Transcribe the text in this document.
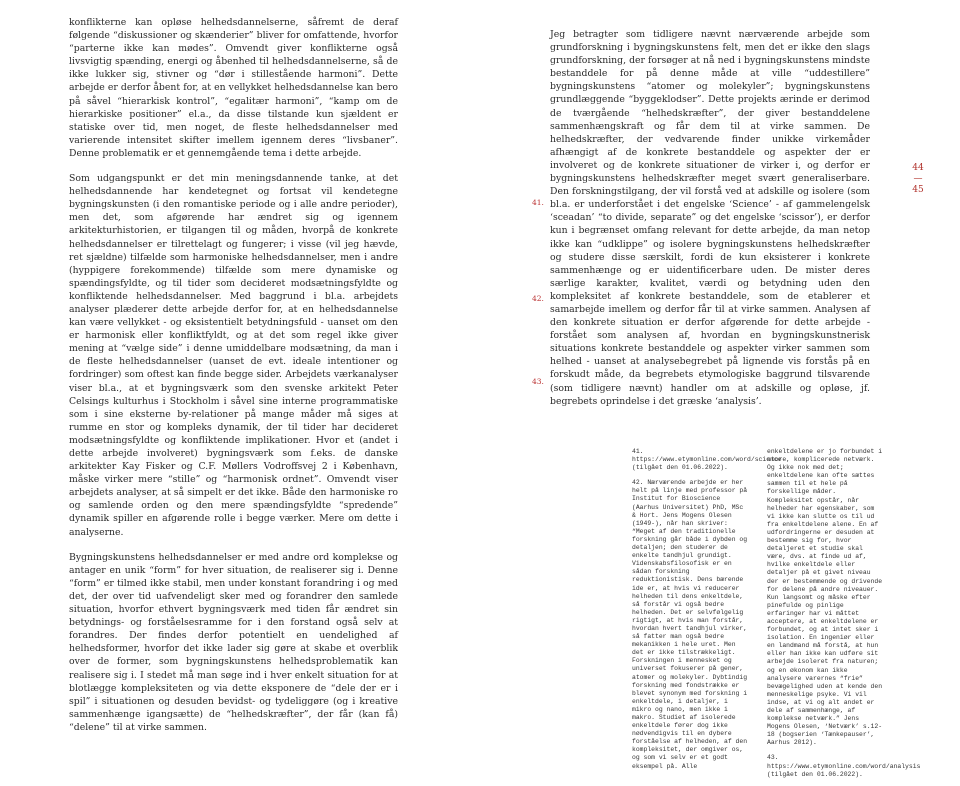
konflikterne kan opløse helhedsdannelserne, såfremt de deraf følgende “diskussioner og skænderier” bliver for omfattende, hvorfor “parterne ikke kan mødes”. Omvendt giver konflikterne også livsvigtig spænding, energi og åbenhed til helhedsdannelserne, så de ikke lukker sig, stivner og “dør i stillestående harmoni”. Dette arbejde er derfor åbent for, at en vellykket helhedsdannelse kan bero på såvel “hierarkisk kontrol”, “egalitær harmoni”, “kamp om de hierarkiske positioner” el.a., da disse tilstande kun sjældent er statiske over tid, men noget, de fleste helhedsdannelser med varierende intensitet skifter imellem igennem deres “livsbaner”. Denne problematik er et gennemgående tema i dette arbejde.

Som udgangspunkt er det min meningsdannende tanke, at det helhedsdannende har kendetegnet og fortsat vil kendetegne bygningskunsten (i den romantiske periode og i alle andre perioder), men det, som afgørende har ændret sig og igennem arkitekturhistorien, er tilgangen til og måden, hvorpå de konkrete helhedsdannelser er tilrettelagt og fungerer; i visse (vil jeg hævde, ret sjældne) tilfælde som harmoniske helhedsdannelser, men i andre (hyppigere forekommende) tilfælde som mere dynamiske og spændingsfyldte, og til tider som decideret modsætningsfyldte og konfliktende helhedsdannelser. Med baggrund i bl.a. arbejdets analyser plæderer dette arbejde derfor for, at en helhedsdannelse kan være vellykket - og eksistentielt betydningsfuld - uanset om den er harmonisk eller konfliktfyldt, og at det som regel ikke giver mening at “vælge side” i denne umiddelbare modsætning, da man i de fleste helhedsdannelser (uanset de evt. ideale intentioner og fordringer) som oftest kan finde begge sider. Arbejdets værkanalyser viser bl.a., at et bygningsværk som den svenske arkitekt Peter Celsings kulturhus i Stockholm i såvel sine interne programmatiske som i sine eksterne by-relationer på mange måder må siges at rumme en stor og kompleks dynamik, der til tider har decideret modsætningsfyldte og konfliktende implikationer. Hvor et (andet i dette arbejde involveret) bygningsværk som f.eks. de danske arkitekter Kay Fisker og C.F. Møllers Vodroffsvej 2 i København, måske virker mere “stille” og “harmonisk ordnet”. Omvendt viser arbejdets analyser, at så simpelt er det ikke. Både den harmoniske ro og samlende orden og den mere spændingsfyldte “spredende” dynamik spiller en afgørende rolle i begge værker. Mere om dette i analyserne.

Bygningskunstens helhedsdannelser er med andre ord komplekse og antager en unik “form” for hver situation, de realiserer sig i. Denne “form” er tilmed ikke stabil, men under konstant forandring i og med det, der over tid uafvendeligt sker med og forandrer den samlede situation, hvorfor ethvert bygningsværk med tiden får ændret sin betydnings- og forståelsesramme for i den forstand også selv at forandres. Der findes derfor potentielt en uendelighed af helhedsformer, hvorfor det ikke lader sig gøre at skabe et overblik over de former, som bygningskunstens helhedsproblematik kan realisere sig i. I stedet må man søge ind i hver enkelt situation for at blotlægge kompleksiteten og via dette eksponere de “dele der er i spil” i situationen og desuden bevidst- og tydeliggøre (og i kreative sammenhænge igangsætte) de “helhedskræfter”, der får (kan få) “delene” til at virke sammen.

41.
42.
43.

Jeg betragter som tidligere nævnt nærværende arbejde som grundforskning i bygningskunstens felt, men det er ikke den slags grundforskning, der forsøger at nå ned i bygningskunstens mindste bestanddele for på denne måde at ville “uddestillere” bygningskunstens “atomer og molekyler”; bygningskunstens grundlæggende “byggeklodser”. Dette projekts ærinde er derimod de tværgående “helhedskræfter”, der giver bestanddelene sammenhængskraft og får dem til at virke sammen. De helhedskræfter, der vedvarende finder unikke virkemåder afhængigt af de konkrete bestanddele og aspekter der er involveret og de konkrete situationer de virker i, og derfor er bygningskunstens helhedskræfter meget svært generaliserbare. Den forskningstilgang, der vil forstå ved at adskille og isolere (som bl.a. er underforstået i det engelske ‘Science’ - af gammelengelsk ‘sceadan’ “to divide, separate” og det engelske ‘scissor’), er derfor kun i begrænset omfang relevant for dette arbejde, da man netop ikke kan “udklippe” og isolere bygningskunstens helhedskræfter og studere disse særskilt, fordi de kun eksisterer i konkrete sammenhænge og er uidentificerbare uden. De mister deres særlige karakter, kvalitet, værdi og betydning uden den kompleksitet af konkrete bestanddele, som de etablerer et samarbejde imellem og derfor får til at virke sammen. Analysen af den konkrete situation er derfor afgørende for dette arbejde - forstået som analysen af, hvordan en bygningskunstnerisk situations konkrete bestanddele og aspekter virker sammen som helhed - uanset at analysebegrebet på lignende vis forstås på en forskudt måde, da begrebets etymologiske baggrund tilsvarende (som tidligere nævnt) handler om at adskille og opløse, jf. begrebets oprindelse i det græske ‘analysis’.

44
—
45

41. https://www.etymonline.com/word/science (tilgået den 01.06.2022).

42. Nærværende arbejde er her helt på linje med professor på Institut for Bioscience (Aarhus Universitet) PhD, MSc & Hort. Jens Mogens Olesen (1949-), når han skriver: “Meget af den traditionelle forskning går både i dybden og detaljen; den studerer de enkelte tandhjul grundigt. Videnskabsfilosofisk er en sådan forskning reduktionistisk. Dens bærende ide er, at hvis vi reducerer helheden til dens enkeltdele, så forstår vi også bedre helheden. Det er selvfølgelig rigtigt, at hvis man forstår, hvordan hvert tandhjul virker, så fatter man også bedre mekanikken i hele uret. Men det er ikke tilstrækkeligt. Forskningen i mennesket og universet fokuserer på gener, atomer og molekyler. Dybtindig forskning med fondstrække er blevet synonym med forskning i enkeltdele, i detaljer, i mikro og nano, men ikke i makro. Studiet af isolerede enkeltdele fører dog ikke nødvendigvis til en dybere forståelse af helheden, af den kompleksitet, der omgiver os, og som vi selv er et godt eksempel på. Alle

enkeltdelene er jo forbundet i store, komplicerede netværk. Og ikke nok med det; enkeltdelene kan ofte sættes sammen til et hele på forskellige måder. Kompleksitet opstår, når helheder har egenskaber, som vi ikke kan slutte os til ud fra enkeltdelene alene. En af udfordringerne er desuden at bestemme sig for, hvor detaljeret et studie skal være, dvs. at finde ud af, hvilke enkeltdele eller detaljer på et givet niveau der er bestemmende og drivende for delene på andre niveauer. Kun langsomt og måske efter pinefulde og pinlige erfaringer har vi måttet acceptere, at enkeltdelene er forbundet, og at intet sker i isolation. En ingeniør eller en landmand må forstå, at hun eller han ikke kan udføre sit arbejde isoleret fra naturen; og en økonom kan ikke analysere varernes “frie” bevægelighed uden at kende den menneskelige psyke. Vi vil indse, at vi og alt andet er dele af sammenhænge, af komplekse netværk.” Jens Mogens Olesen, ‘Netværk’ s.12-18 (bogserien ‘Tænkepauser’, Aarhus 2012).

43. https://www.etymonline.com/word/analysis (tilgået den 01.06.2022).
